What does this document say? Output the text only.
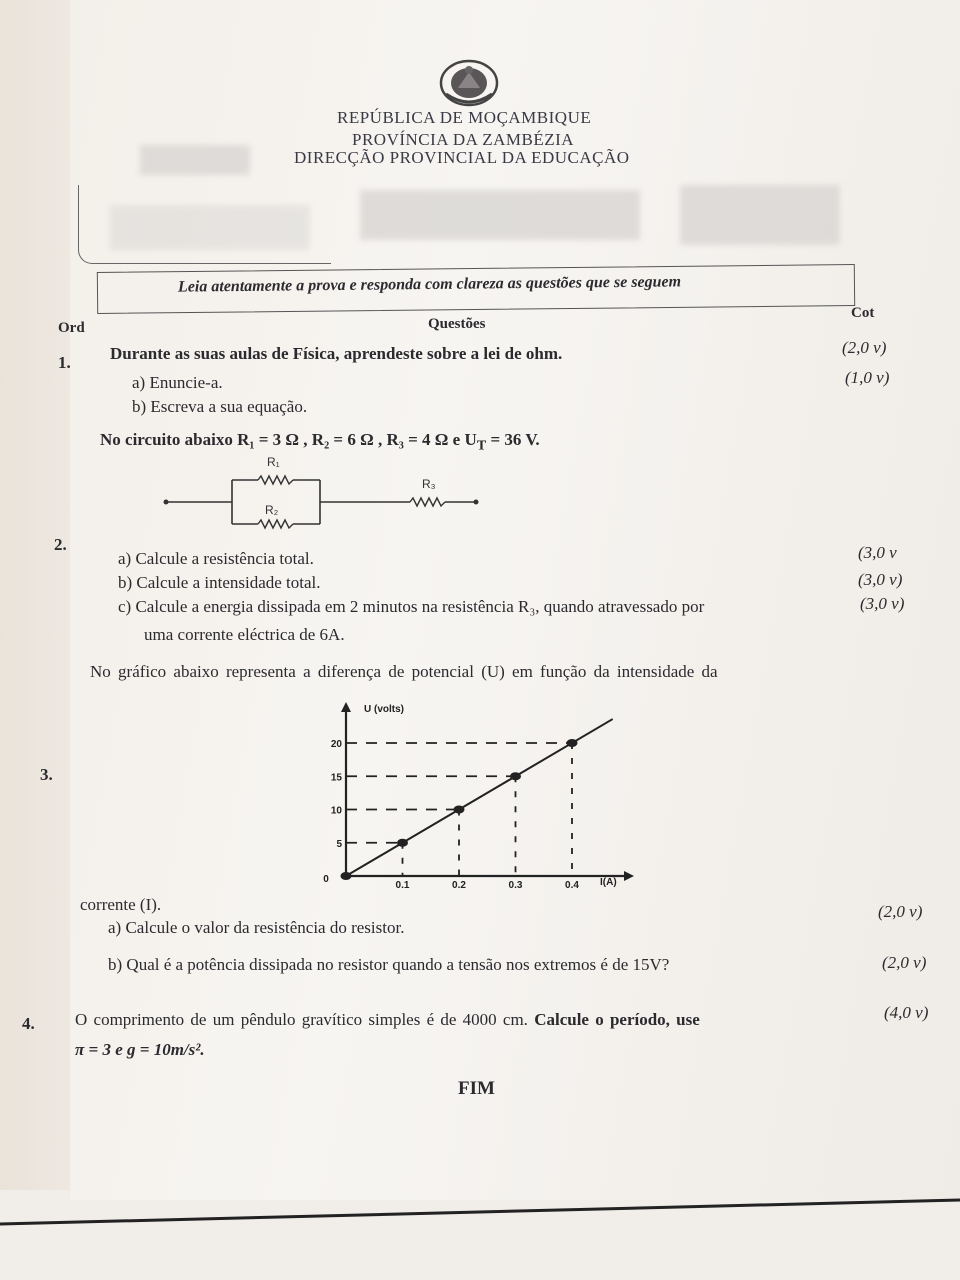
REPÚBLICA DE MOÇAMBIQUE
PROVÍNCIA DA ZAMBÉZIA
DIRECÇÃO PROVINCIAL DA EDUCAÇÃO
Leia atentamente a prova e responda com clareza as questões que se seguem
Ord	Questões
Cot
1. Durante as suas aulas de Física, aprendeste sobre a lei de ohm.
a) Enuncie-a.
b) Escreva a sua equação.
(2,0 v)
(1,0 v)
No circuito abaixo R₁ = 3 Ω , R₂ = 6 Ω , R₃ = 4 Ω e $U_T = 36$ V.
R₁
R₂
R₃
2.
a) Calcule a resistência total.
b) Calcule a intensidade total.
c) Calcule a energia dissipada em 2 minutos na resistência R₃, quando atravessado por
uma corrente eléctrica de 6A.
(3,0 v
(3,0 v)
(3,0 v)
No gráfico abaixo representa a diferença de potencial (U) em função da intensidade da
3.
5
10
15
20
0.1	0.2	0.3	0.4
0
U (volts)
I(A)
corrente (I).
a) Calcule o valor da resistência do resistor.
b) Qual é a potência dissipada no resistor quando a tensão nos extremos é de 15V?
(2,0 v)
(2,0 v)
4. O comprimento de um pêndulo gravítico simples é de 4000 cm. Calcule o período, use
π = 3 e g = 10m/s².
(4,0 v)
FIM
